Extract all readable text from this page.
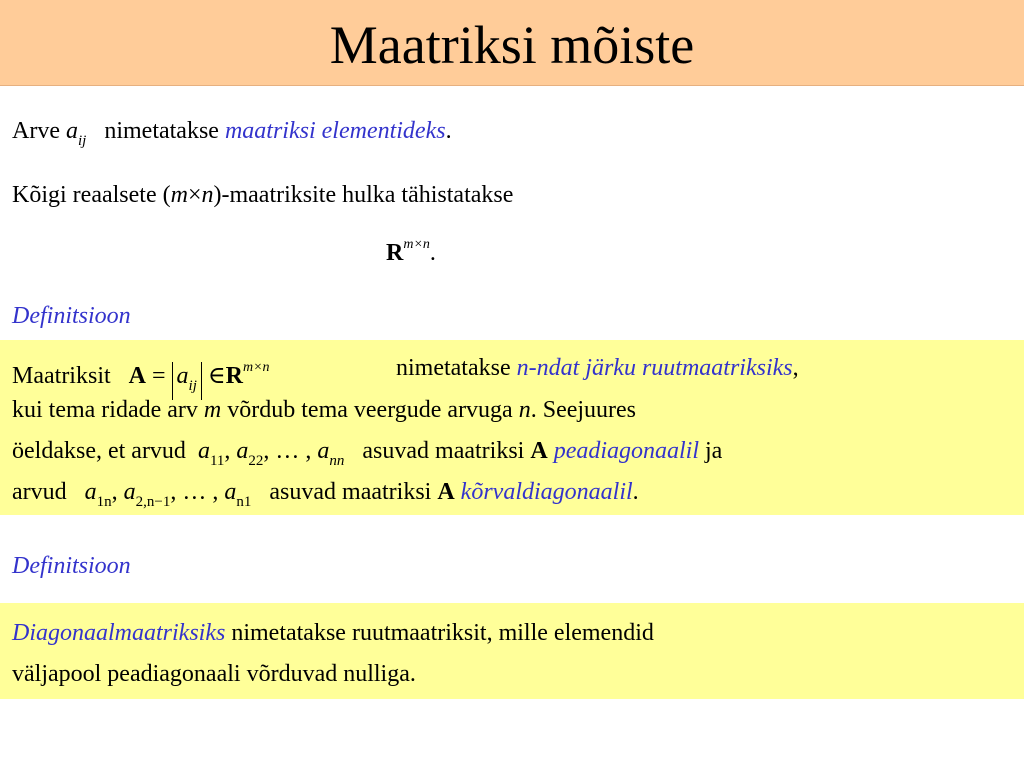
Maatriksi mõiste
Arve $a_{ij}$ nimetatakse maatriksi elementideks.
Kõigi reaalsete (m×n)-maatriksite hulka tähistatakse
$R^{m\times n}$.
Definitsioon
Maatriksit $A = a_{ij}$ $\in R^{m\times n}$	nimetatakse n-ndat järku ruutmaatriksiks,
kui tema ridade arv m võrdub tema veergude arvuga n. Seejuures
öeldakse, et arvud $a_{11}$, $a_{22}$, … , $a_{nn}$ asuvad maatriksi A peadiagonaalil ja
arvud $a_{1n}$, $a_{2,n-1}$, … , $a_{n1}$ asuvad maatriksi A kõrvaldiagonaalil.
Definitsioon
Diagonaalmaatriksiks nimetatakse ruutmaatriksit, mille elemendid
väljapool peadiagonaali võrduvad nulliga.
